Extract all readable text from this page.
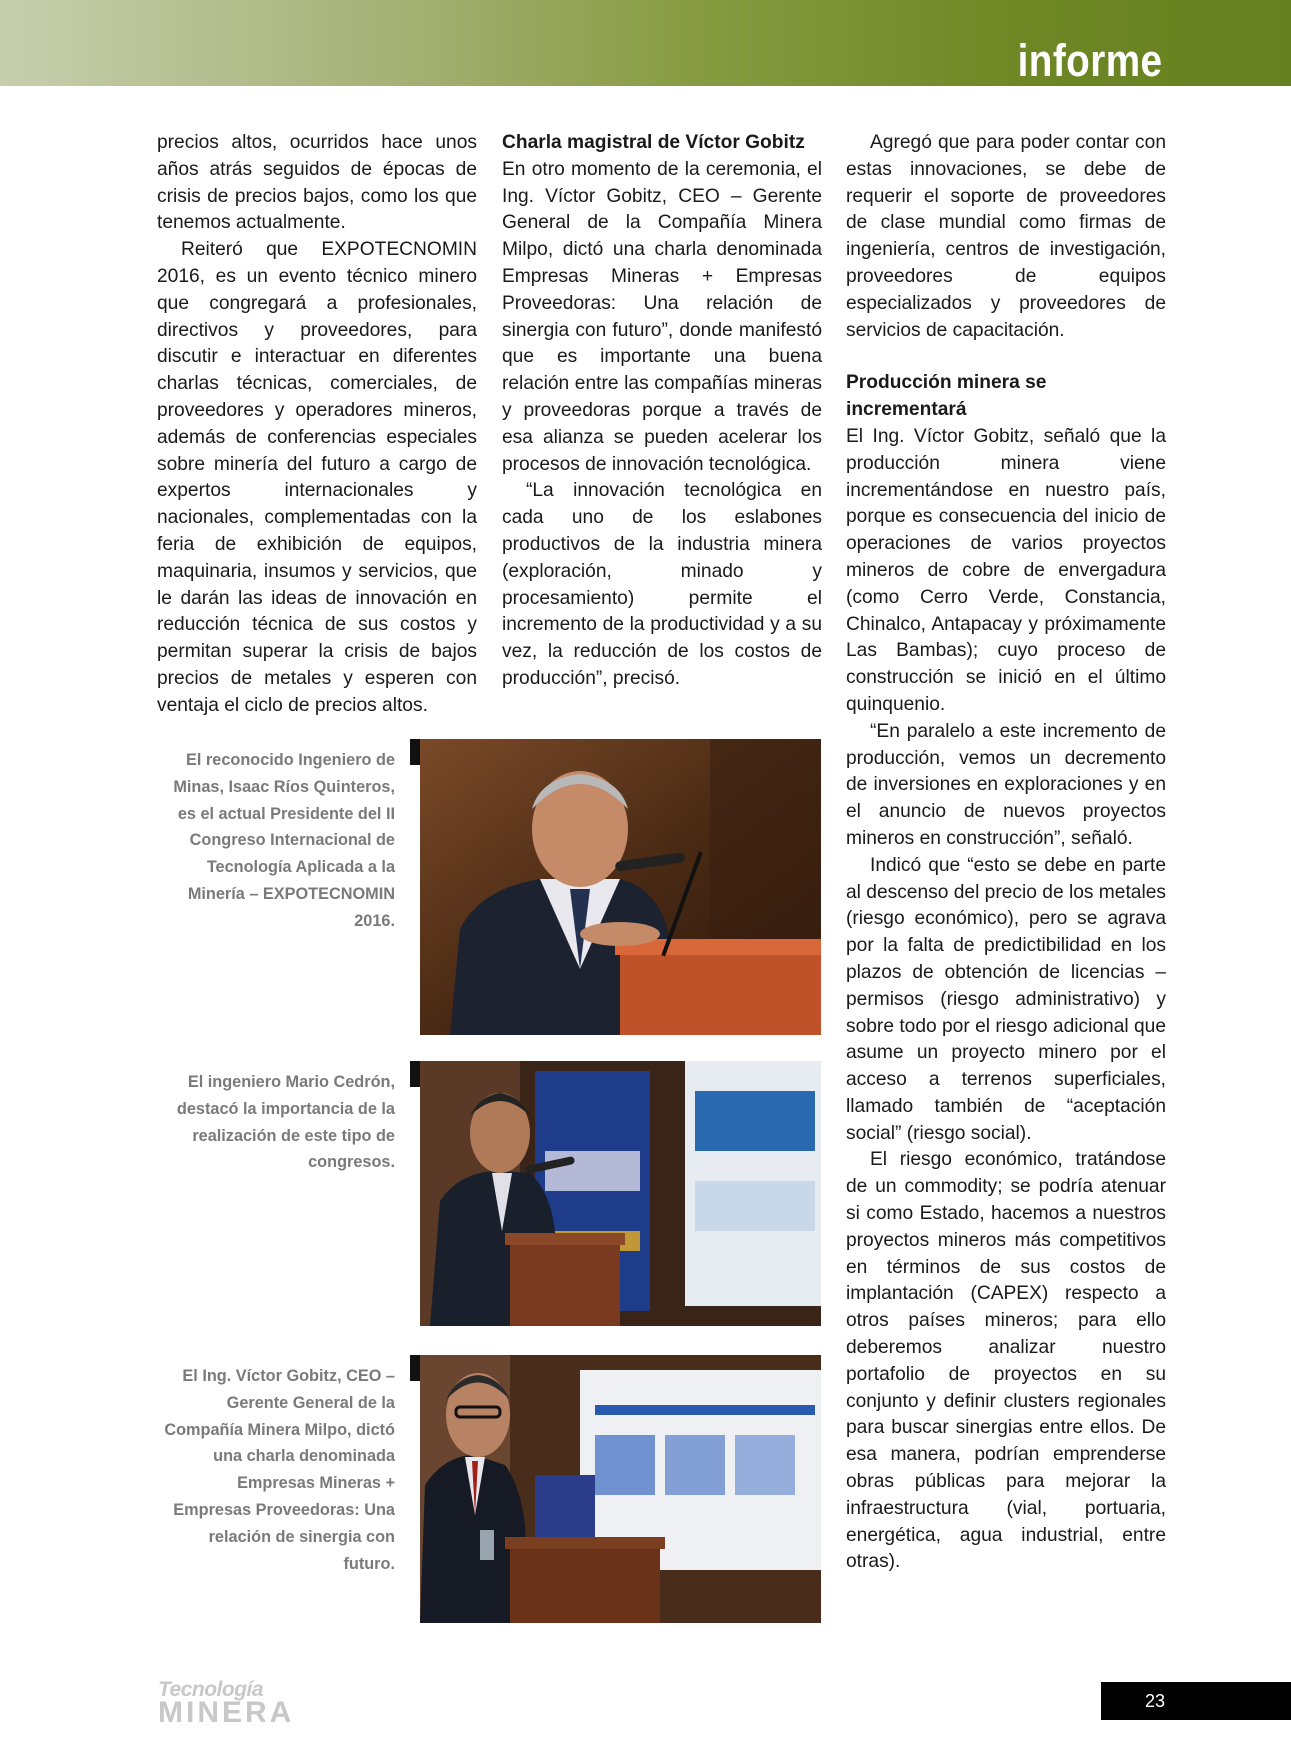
informe

precios altos, ocurridos hace unos años atrás seguidos de épocas de crisis de precios bajos, como los que tenemos actualmente.

Reiteró que EXPOTECNOMIN 2016, es un evento técnico minero que congregará a profesionales, directivos y proveedores, para discutir e interactuar en diferentes charlas técnicas, comerciales, de proveedores y operadores mineros, además de conferencias especiales sobre minería del futuro a cargo de expertos internacionales y nacionales, complementadas con la feria de exhibición de equipos, maquinaria, insumos y servicios, que le darán las ideas de innovación en reducción técnica de sus costos y permitan superar la crisis de bajos precios de metales y esperen con ventaja el ciclo de precios altos.

Charla magistral de Víctor Gobitz

En otro momento de la ceremonia, el Ing. Víctor Gobitz, CEO – Gerente General de la Compañía Minera Milpo, dictó una charla denominada Empresas Mineras + Empresas Proveedoras: Una relación de sinergia con futuro”, donde manifestó que es importante una buena relación entre las compañías mineras y proveedoras porque a través de esa alianza se pueden acelerar los procesos de innovación tecnológica.

“La innovación tecnológica en cada uno de los eslabones productivos de la industria minera (exploración, minado y procesamiento) permite el incremento de la productividad y a su vez, la reducción de los costos de producción”, precisó.

Agregó que para poder contar con estas innovaciones, se debe de requerir el soporte de proveedores de clase mundial como firmas de ingeniería, centros de investigación, proveedores de equipos especializados y proveedores de servicios de capacitación.

Producción minera se incrementará

El Ing. Víctor Gobitz, señaló que la producción minera viene incrementándose en nuestro país, porque es consecuencia del inicio de operaciones de varios proyectos mineros de cobre de envergadura (como Cerro Verde, Constancia, Chinalco, Antapacay y próximamente Las Bambas); cuyo proceso de construcción se inició en el último quinquenio.

“En paralelo a este incremento de producción, vemos un decremento de inversiones en exploraciones y en el anuncio de nuevos proyectos mineros en construcción”, señaló.

Indicó que “esto se debe en parte al descenso del precio de los metales (riesgo económico), pero se agrava por la falta de predictibilidad en los plazos de obtención de licencias – permisos (riesgo administrativo) y sobre todo por el riesgo adicional que asume un proyecto minero por el acceso a terrenos superficiales, llamado también de “aceptación social” (riesgo social).

El riesgo económico, tratándose de un commodity; se podría atenuar si como Estado, hacemos a nuestros proyectos mineros más competitivos en términos de sus costos de implantación (CAPEX) respecto a otros países mineros; para ello deberemos analizar nuestro portafolio de proyectos en su conjunto y definir clusters regionales para buscar sinergias entre ellos. De esa manera, podrían emprenderse obras públicas para mejorar la infraestructura (vial, portuaria, energética, agua industrial, entre otras).

El reconocido Ingeniero de Minas, Isaac Ríos Quinteros, es el actual Presidente del II Congreso Internacional de Tecnología Aplicada a la Minería – EXPOTECNOMIN 2016.
El ingeniero Mario Cedrón, destacó la importancia de la realización de este tipo de congresos.
El Ing. Víctor Gobitz, CEO – Gerente General de la Compañía Minera Milpo, dictó una charla denominada Empresas Mineras + Empresas Proveedoras: Una relación de sinergia con futuro.
Tecnología
MINERA	23
